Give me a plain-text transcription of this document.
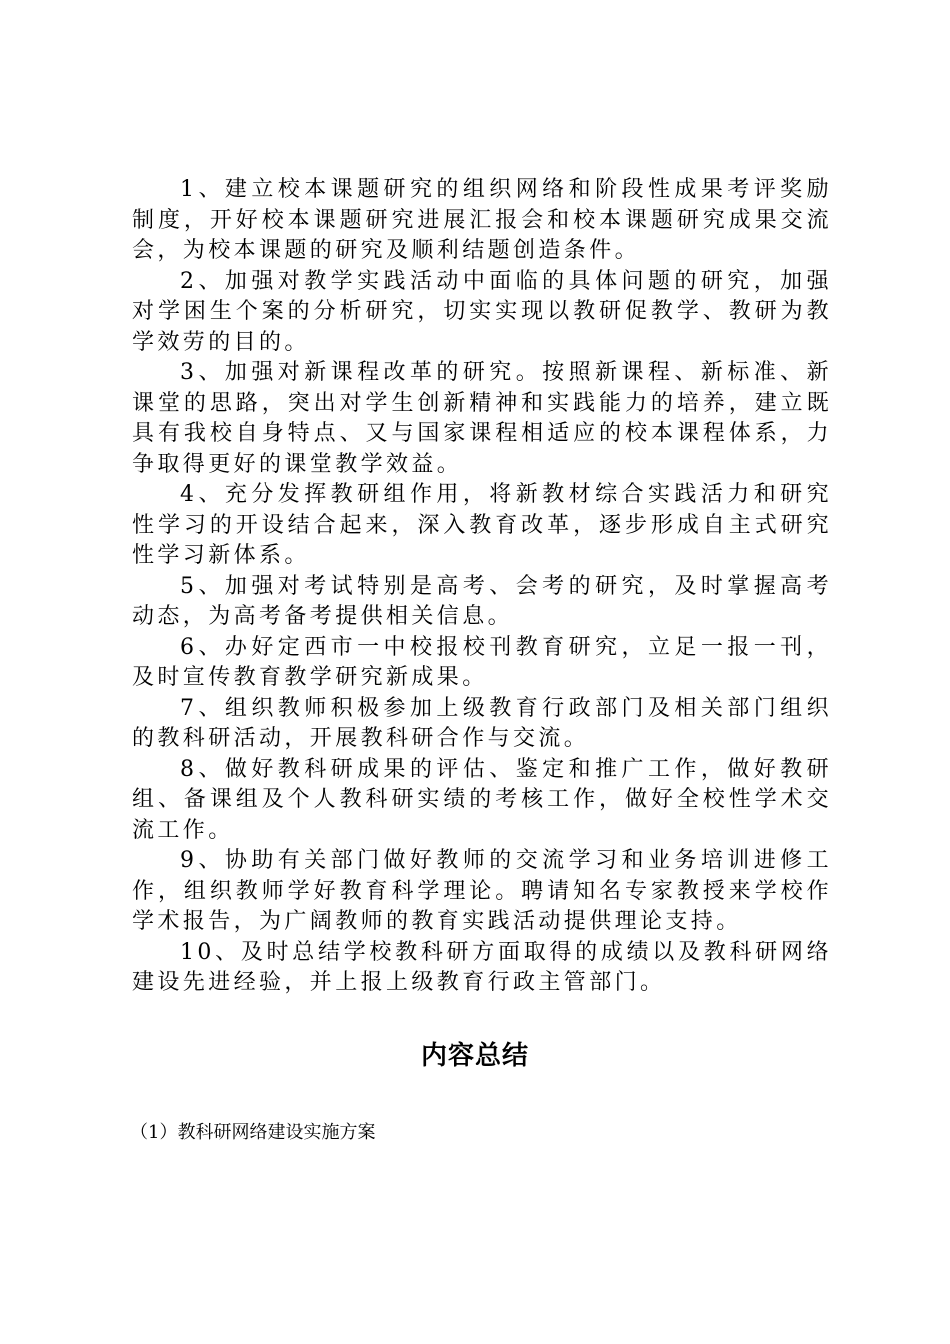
1、建立校本课题研究的组织网络和阶段性成果考评奖励制度，开好校本课题研究进展汇报会和校本课题研究成果交流会，为校本课题的研究及顺利结题创造条件。

2、加强对教学实践活动中面临的具体问题的研究，加强对学困生个案的分析研究，切实实现以教研促教学、教研为教学效劳的目的。

3、加强对新课程改革的研究。按照新课程、新标准、新课堂的思路，突出对学生创新精神和实践能力的培养，建立既具有我校自身特点、又与国家课程相适应的校本课程体系，力争取得更好的课堂教学效益。

4、充分发挥教研组作用，将新教材综合实践活力和研究性学习的开设结合起来，深入教育改革，逐步形成自主式研究性学习新体系。

5、加强对考试特别是高考、会考的研究，及时掌握高考动态，为高考备考提供相关信息。

6、办好定西市一中校报校刊教育研究，立足一报一刊，及时宣传教育教学研究新成果。

7、组织教师积极参加上级教育行政部门及相关部门组织的教科研活动，开展教科研合作与交流。

8、做好教科研成果的评估、鉴定和推广工作，做好教研组、备课组及个人教科研实绩的考核工作，做好全校性学术交流工作。

9、协助有关部门做好教师的交流学习和业务培训进修工作，组织教师学好教育科学理论。聘请知名专家教授来学校作学术报告，为广阔教师的教育实践活动提供理论支持。

10、及时总结学校教科研方面取得的成绩以及教科研网络建设先进经验，并上报上级教育行政主管部门。

内容总结

（1）教科研网络建设实施方案
